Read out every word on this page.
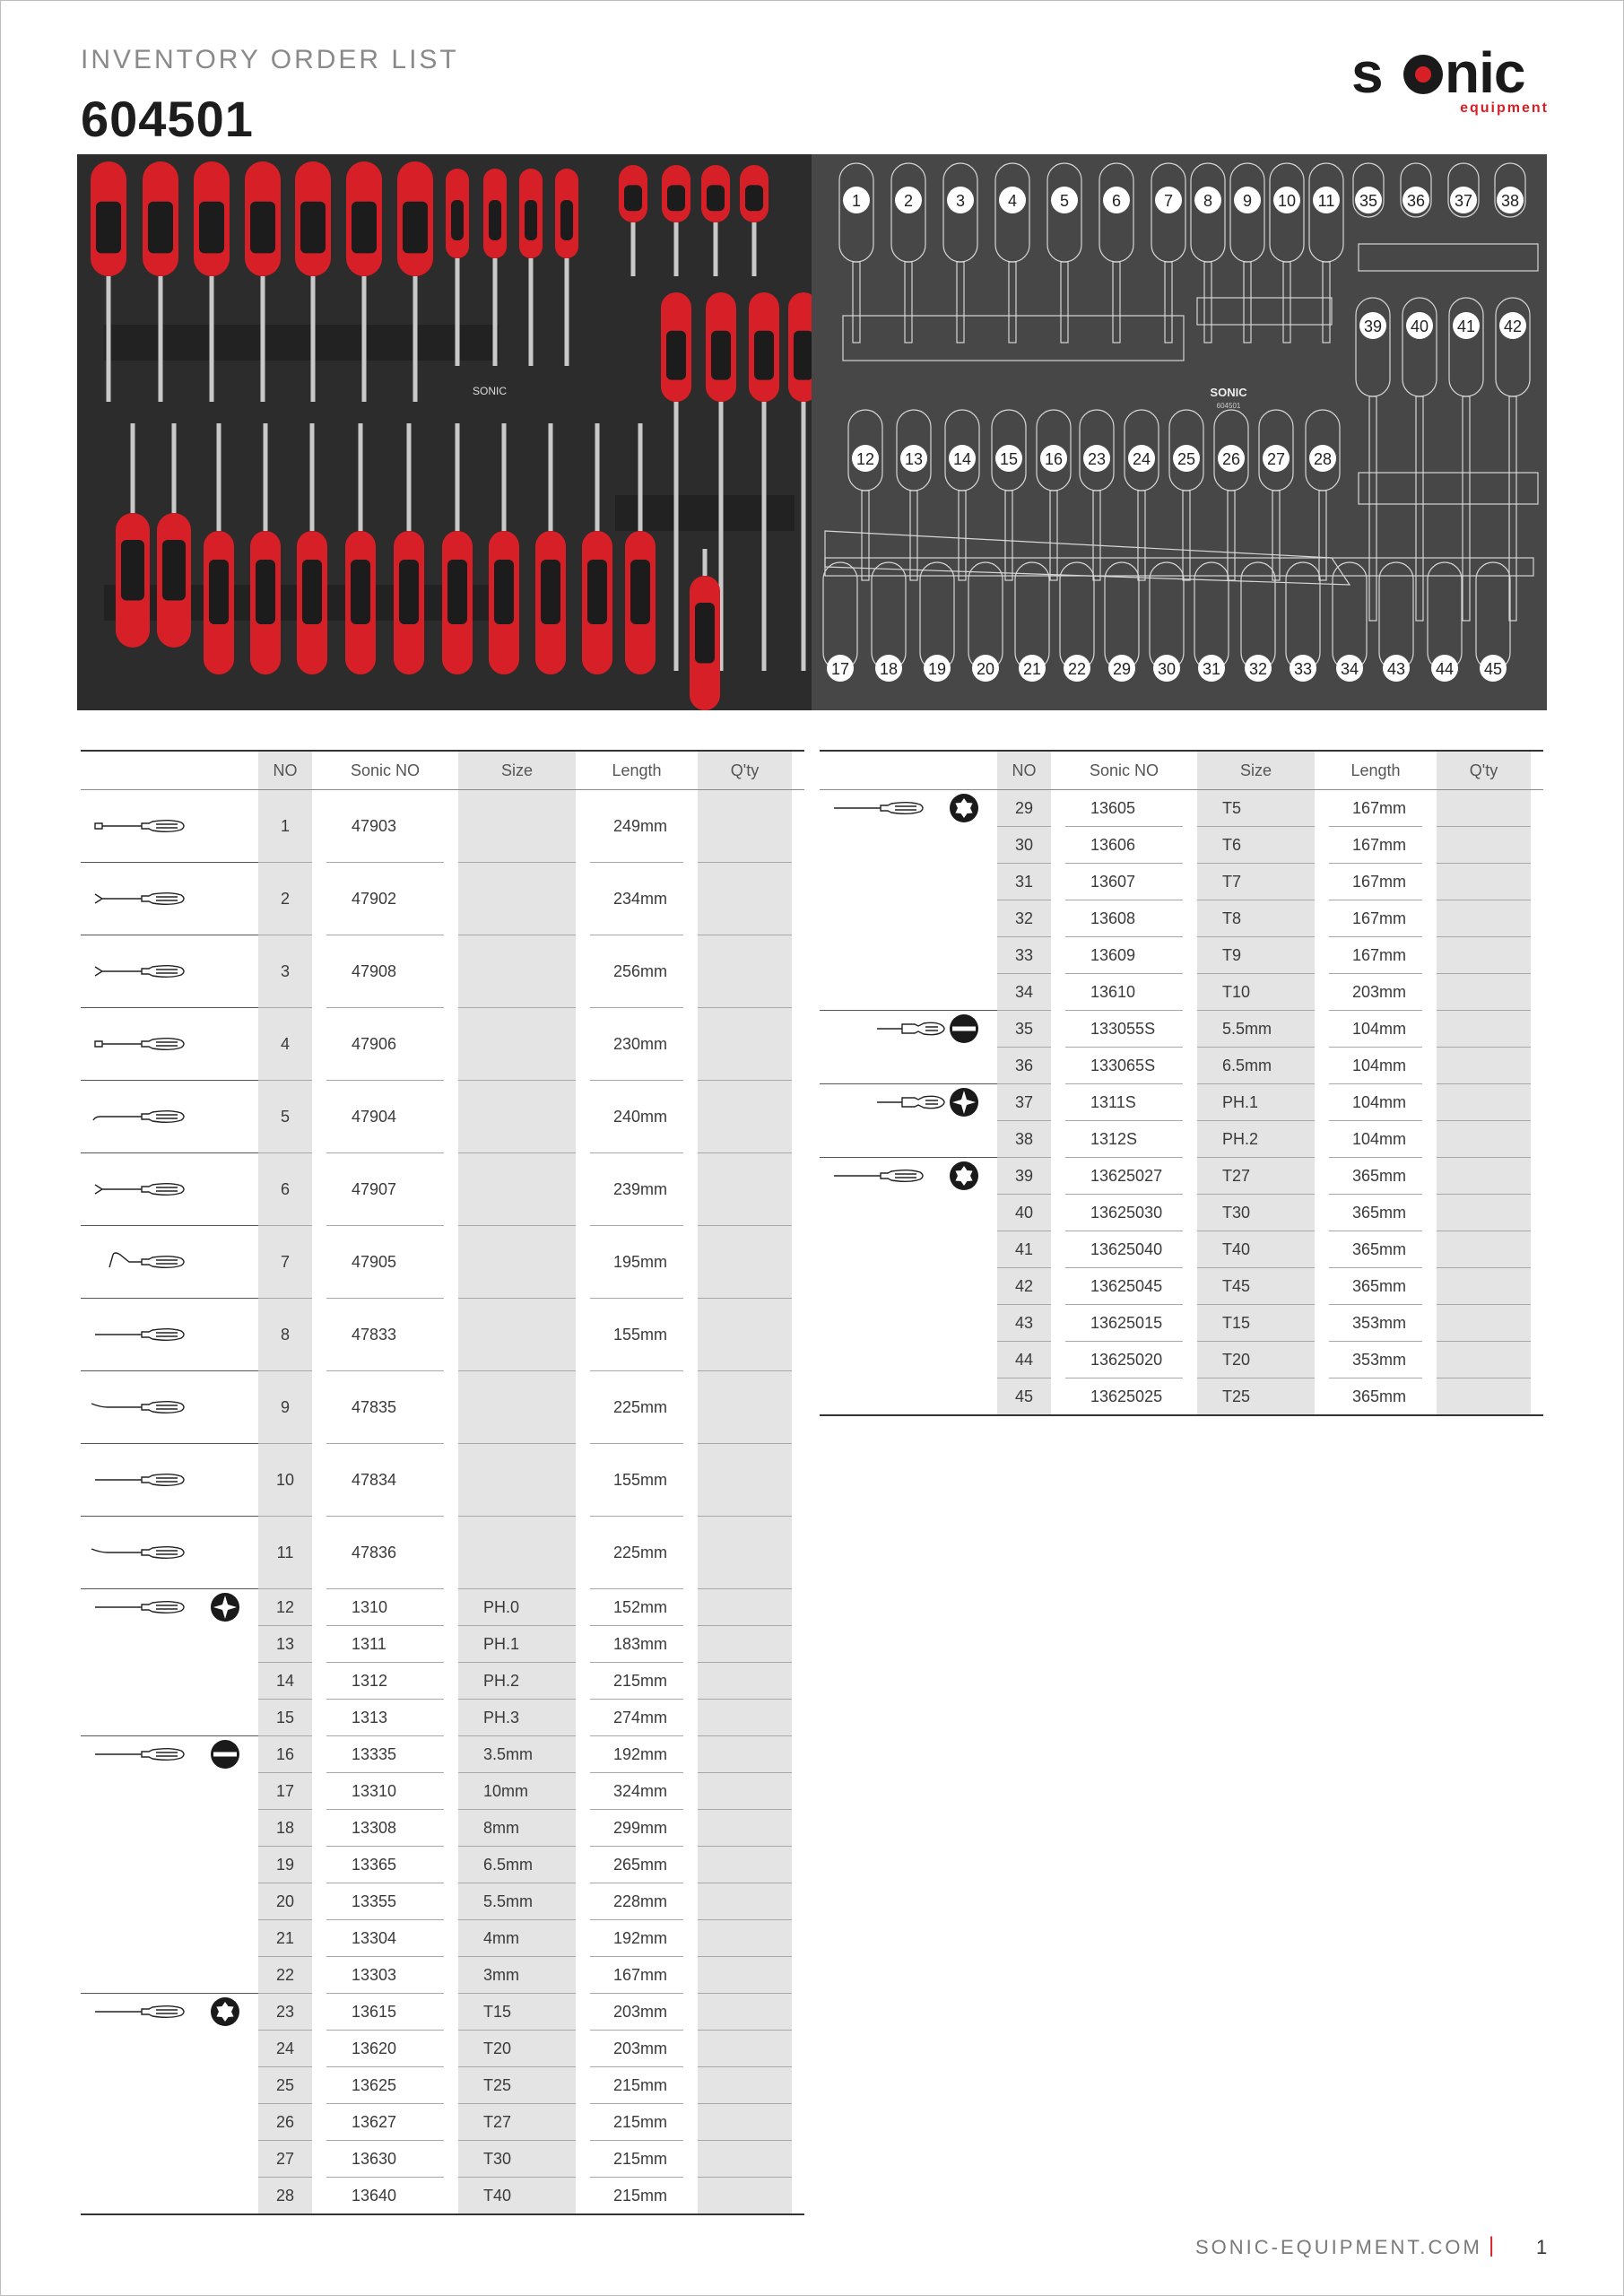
INVENTORY ORDER LIST
604501
s nic
equipment
SONIC
1	2	3	4	5	6	7 8 9 10 11 35 36 37 38
39 40 41 42
12 13 14 15 16 23 24 25 26 27 28
17 18 19 20 21 22 29 30 31 32 33 34 43 44 45
SONIC
604501
	NO		Sonic NO		Size		Length		Q'ty	

	1		47903				249mm			

	2		47902				234mm			

	3		47908				256mm			

	4		47906				230mm			

	5		47904				240mm			

	6		47907				239mm			

	7		47905				195mm			

	8		47833				155mm			

	9		47835				225mm			

	10		47834				155mm			

	11		47836				225mm			

	12		1310		PH.0		152mm			
	13		1311		PH.1		183mm			
	14		1312		PH.2		215mm			
	15		1313		PH.3		274mm			

	16		13335		3.5mm		192mm			
	17		13310		10mm		324mm			
	18		13308		8mm		299mm			
	19		13365		6.5mm		265mm			
	20		13355		5.5mm		228mm			
	21		13304		4mm		192mm			
	22		13303		3mm		167mm			

	23		13615		T15		203mm			
	24		13620		T20		203mm			
	25		13625		T25		215mm			
	26		13627		T27		215mm			
	27		13630		T30		215mm			
	28		13640		T40		215mm			
	NO		Sonic NO		Size		Length		Q'ty	

	29		13605		T5		167mm			
	30		13606		T6		167mm			
	31		13607		T7		167mm			
	32		13608		T8		167mm			
	33		13609		T9		167mm			
	34		13610		T10		203mm			

	35		133055S		5.5mm		104mm			
	36		133065S		6.5mm		104mm			

	37		1311S		PH.1		104mm			
	38		1312S		PH.2		104mm			

	39		13625027		T27		365mm			
	40		13625030		T30		365mm			
	41		13625040		T40		365mm			
	42		13625045		T45		365mm			
	43		13625015		T15		353mm			
	44		13625020		T20		353mm			
	45		13625025		T25		365mm			
SONIC-EQUIPMENT.COM | 1
